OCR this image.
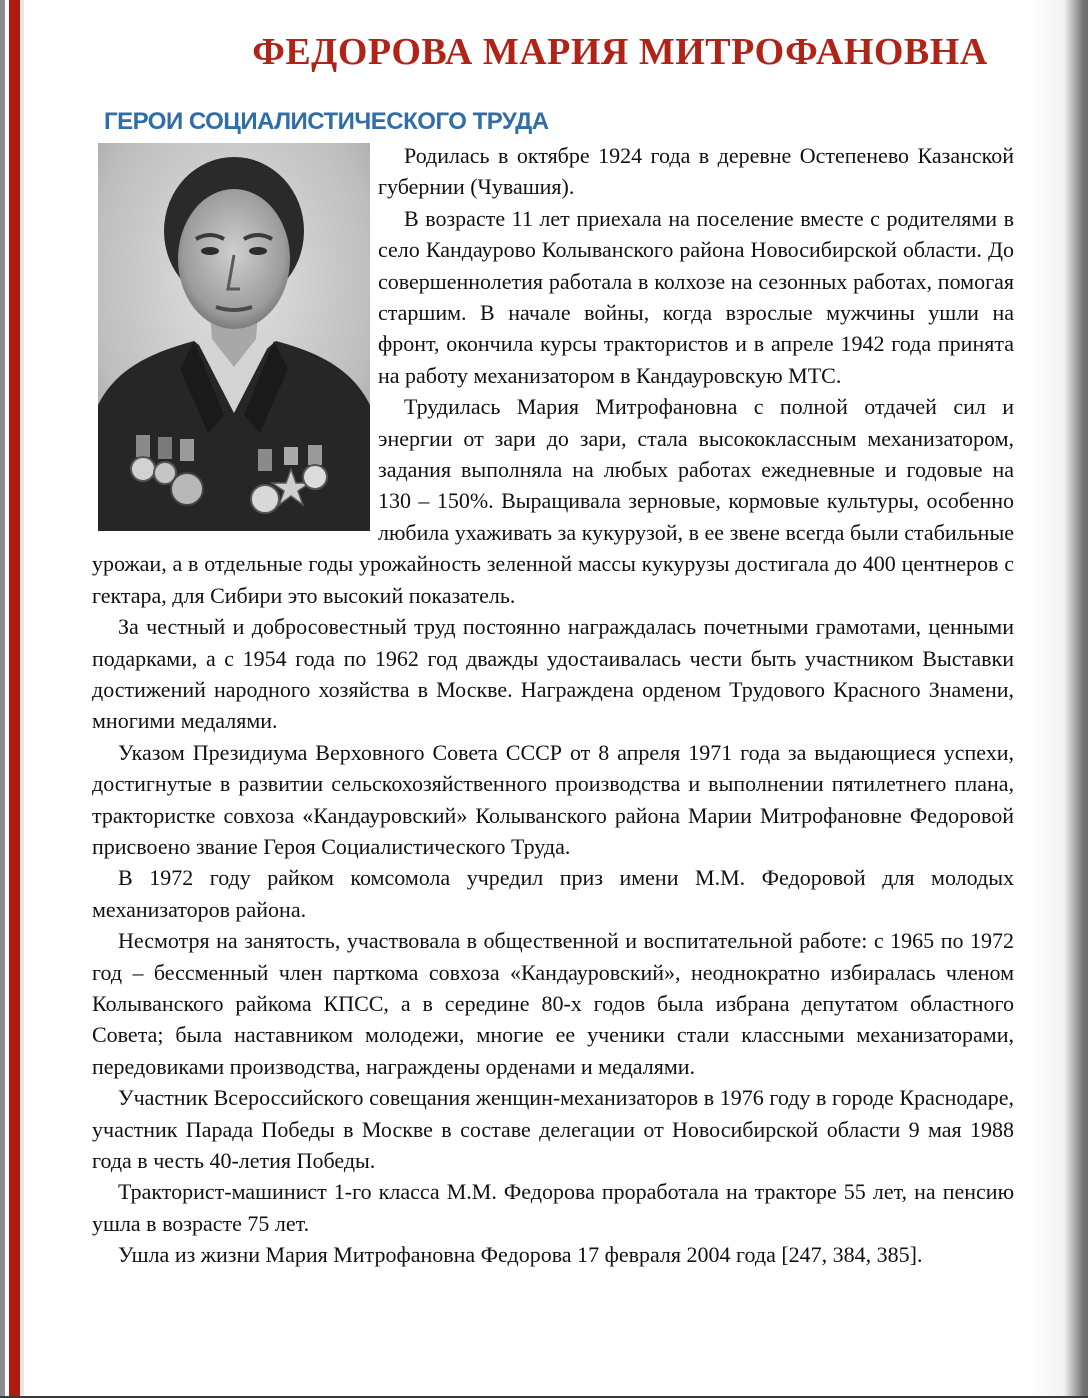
ФЕДОРОВА МАРИЯ МИТРОФАНОВНА
ГЕРОИ СОЦИАЛИСТИЧЕСКОГО ТРУДА

Родилась в октябре 1924 года в деревне Остепенево Казанской губернии (Чувашия).

В возрасте 11 лет приехала на поселение вместе с родителями в село Кандаурово Колыванского района Новосибирской области. До совершеннолетия работала в колхозе на сезонных работах, помогая старшим. В начале войны, когда взрослые мужчины ушли на фронт, окончила курсы трактористов и в апреле 1942 года принята на работу механизатором в Кандауровскую МТС.

Трудилась Мария Митрофановна с полной отдачей сил и энергии от зари до зари, стала высококлассным механизатором, задания выполняла на любых работах ежедневные и годовые на 130 – 150%. Выращивала зерновые, кормовые культуры, особенно любила ухаживать за кукурузой, в ее звене всегда были стабильные урожаи, а в отдельные годы урожайность зеленной массы кукурузы достигала до 400 центнеров с гектара, для Сибири это высокий показатель.

За честный и добросовестный труд постоянно награждалась почетными грамотами, ценными подарками, а с 1954 года по 1962 год дважды удостаивалась чести быть участником Выставки достижений народного хозяйства в Москве. Награждена орденом Трудового Красного Знамени, многими медалями.

Указом Президиума Верховного Совета СССР от 8 апреля 1971 года за выдающиеся успехи, достигнутые в развитии сельскохозяйственного производства и выполнении пятилетнего плана, трактористке совхоза «Кандауровский» Колыванского района Марии Митрофановне Федоровой присвоено звание Героя Социалистического Труда.

В 1972 году райком комсомола учредил приз имени М.М. Федоровой для молодых механизаторов района.

Несмотря на занятость, участвовала в общественной и воспитательной работе: с 1965 по 1972 год – бессменный член парткома совхоза «Кандауровский», неоднократно избиралась членом Колыванского райкома КПСС, а в середине 80-х годов была избрана депутатом областного Совета; была наставником молодежи, многие ее ученики стали классными механизаторами, передовиками производства, награждены орденами и медалями.

Участник Всероссийского совещания женщин-механизаторов в 1976 году в городе Краснодаре, участник Парада Победы в Москве в составе делегации от Новосибирской области 9 мая 1988 года в честь 40-летия Победы.

Тракторист-машинист 1-го класса М.М. Федорова проработала на тракторе 55 лет, на пенсию ушла в возрасте 75 лет.

Ушла из жизни Мария Митрофановна Федорова 17 февраля 2004 года [247, 384, 385].
